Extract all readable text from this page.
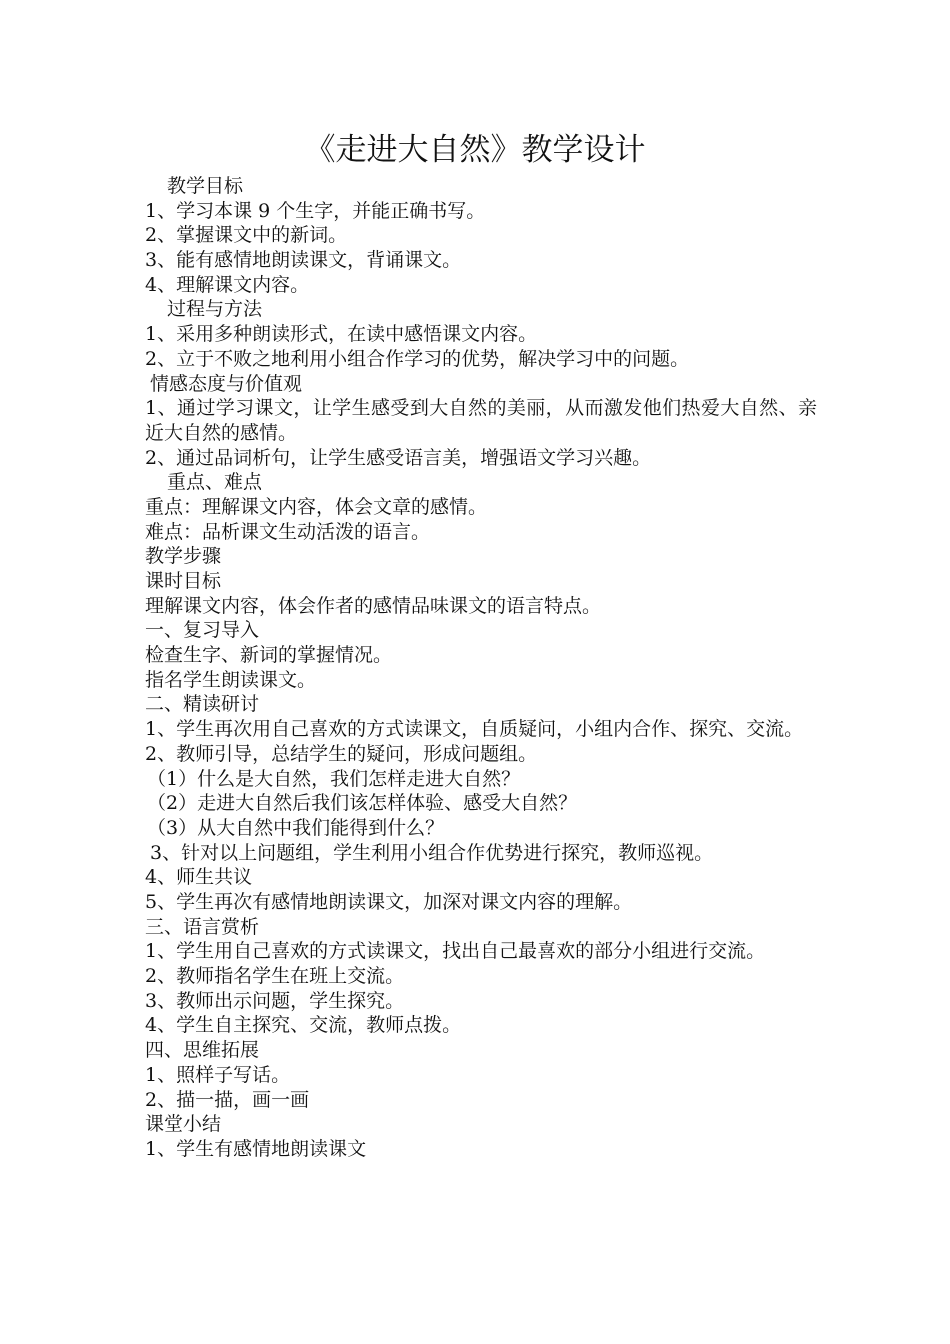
《走进大自然》教学设计
教学目标
1、学习本课 9 个生字，并能正确书写。
2、掌握课文中的新词。
3、能有感情地朗读课文，背诵课文。
4、理解课文内容。
过程与方法
1、采用多种朗读形式，在读中感悟课文内容。
2、立于不败之地利用小组合作学习的优势，解决学习中的问题。
情感态度与价值观
1、通过学习课文，让学生感受到大自然的美丽，从而激发他们热爱大自然、亲近大自然的感情。
2、通过品词析句，让学生感受语言美，增强语文学习兴趣。
重点、难点
重点：理解课文内容，体会文章的感情。
难点：品析课文生动活泼的语言。
教学步骤
课时目标
理解课文内容，体会作者的感情品味课文的语言特点。
一、复习导入
检查生字、新词的掌握情况。
指名学生朗读课文。
二、精读研讨
1、学生再次用自己喜欢的方式读课文，自质疑问，小组内合作、探究、交流。
2、教师引导，总结学生的疑问，形成问题组。
（1）什么是大自然，我们怎样走进大自然？
（2）走进大自然后我们该怎样体验、感受大自然？
（3）从大自然中我们能得到什么？
3、针对以上问题组，学生利用小组合作优势进行探究，教师巡视。
4、师生共议
5、学生再次有感情地朗读课文，加深对课文内容的理解。
三、语言赏析
1、学生用自己喜欢的方式读课文，找出自己最喜欢的部分小组进行交流。
2、教师指名学生在班上交流。
3、教师出示问题，学生探究。
4、学生自主探究、交流，教师点拨。
四、思维拓展
1、照样子写话。
2、描一描，画一画
课堂小结
1、学生有感情地朗读课文
